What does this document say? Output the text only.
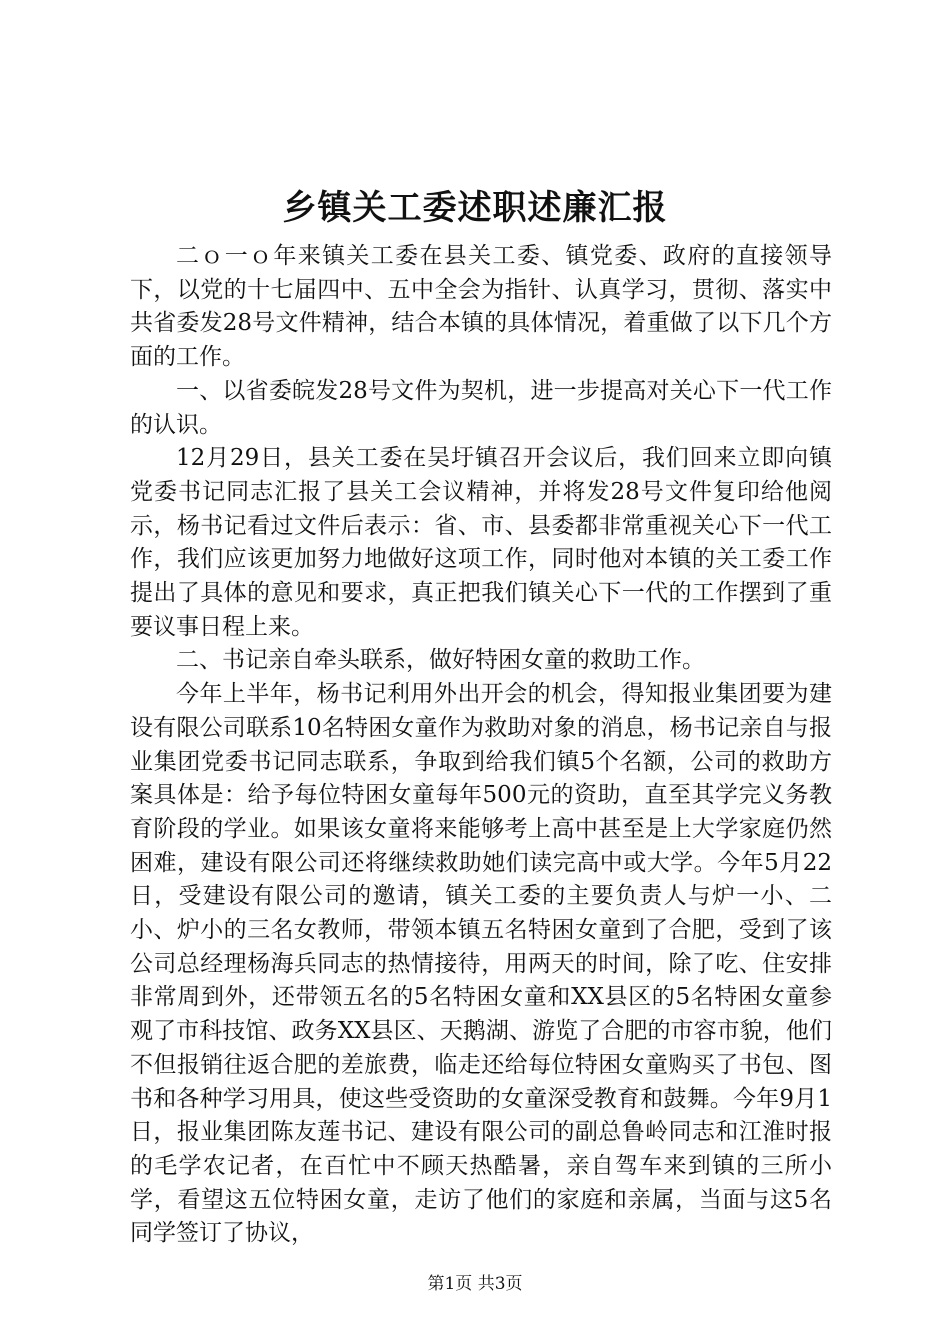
乡镇关工委述职述廉汇报

二ｏ一ｏ年来镇关工委在县关工委、镇党委、政府的直接领导下，以党的十七届四中、五中全会为指针、认真学习，贯彻、落实中共省委发28号文件精神，结合本镇的具体情况，着重做了以下几个方面的工作。

一、以省委皖发28号文件为契机，进一步提高对关心下一代工作的认识。

12月29日，县关工委在吴圩镇召开会议后，我们回来立即向镇党委书记同志汇报了县关工会议精神，并将发28号文件复印给他阅示，杨书记看过文件后表示：省、市、县委都非常重视关心下一代工作，我们应该更加努力地做好这项工作，同时他对本镇的关工委工作提出了具体的意见和要求，真正把我们镇关心下一代的工作摆到了重要议事日程上来。

二、书记亲自牵头联系，做好特困女童的救助工作。

今年上半年，杨书记利用外出开会的机会，得知报业集团要为建设有限公司联系10名特困女童作为救助对象的消息，杨书记亲自与报业集团党委书记同志联系，争取到给我们镇5个名额，公司的救助方案具体是：给予每位特困女童每年500元的资助，直至其学完义务教育阶段的学业。如果该女童将来能够考上高中甚至是上大学家庭仍然困难，建设有限公司还将继续救助她们读完高中或大学。今年5月22日，受建设有限公司的邀请，镇关工委的主要负责人与炉一小、二小、炉小的三名女教师，带领本镇五名特困女童到了合肥，受到了该公司总经理杨海兵同志的热情接待，用两天的时间，除了吃、住安排非常周到外，还带领五名的5名特困女童和XX县区的5名特困女童参观了市科技馆、政务XX县区、天鹅湖、游览了合肥的市容市貌，他们不但报销往返合肥的差旅费，临走还给每位特困女童购买了书包、图书和各种学习用具，使这些受资助的女童深受教育和鼓舞。今年9月1日，报业集团陈友莲书记、建设有限公司的副总鲁岭同志和江淮时报的毛学农记者，在百忙中不顾天热酷暑，亲自驾车来到镇的三所小学，看望这五位特困女童，走访了他们的家庭和亲属，当面与这5名同学签订了协议，

第1页 共3页
